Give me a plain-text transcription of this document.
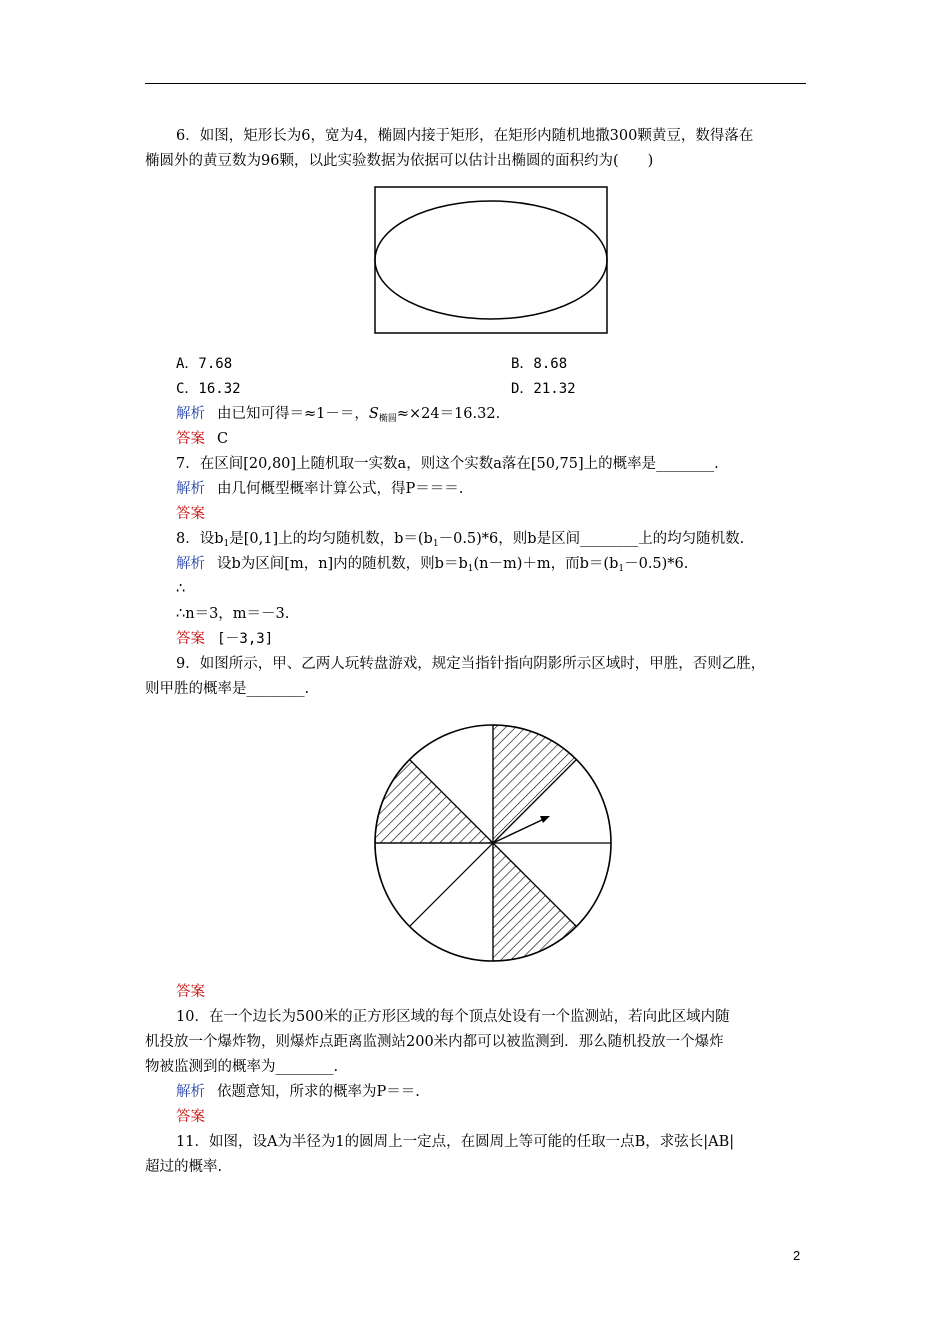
6．如图，矩形长为6，宽为4，椭圆内接于矩形，在矩形内随机地撒300颗黄豆，数得落在
椭圆外的黄豆数为96颗，以此实验数据为依据可以估计出椭圆的面积约为(　　)
A．7.68	B．8.68
C．16.32	D．21.32
解析 由已知可得＝≈1－＝，$S_{椭圆}\approx\times 24=16.32$.
答案 C
7．在区间[20,80]上随机取一实数a，则这个实数a落在[50,75]上的概率是________.
解析 由几何概型概率计算公式，得P＝＝＝.
答案
8．设$b_1$是[0,1]上的均匀随机数，$b=(b_1-0.5)*6$，则b是区间________上的均匀随机数.
解析 设b为区间[m，n]内的随机数，则$b=b_1(n-m)+m$，而$b=(b_1-0.5)*6$.
∴
∴n＝3，m＝－3.
答案 [－3,3]
9．如图所示，甲、乙两人玩转盘游戏，规定当指针指向阴影所示区域时，甲胜，否则乙胜，
则甲胜的概率是________.
答案
10．在一个边长为500米的正方形区域的每个顶点处设有一个监测站，若向此区域内随
机投放一个爆炸物，则爆炸点距离监测站200米内都可以被监测到．那么随机投放一个爆炸
物被监测到的概率为________.
解析 依题意知，所求的概率为P＝＝.
答案
11．如图，设A为半径为1的圆周上一定点，在圆周上等可能的任取一点B，求弦长|AB|
超过的概率.
2
